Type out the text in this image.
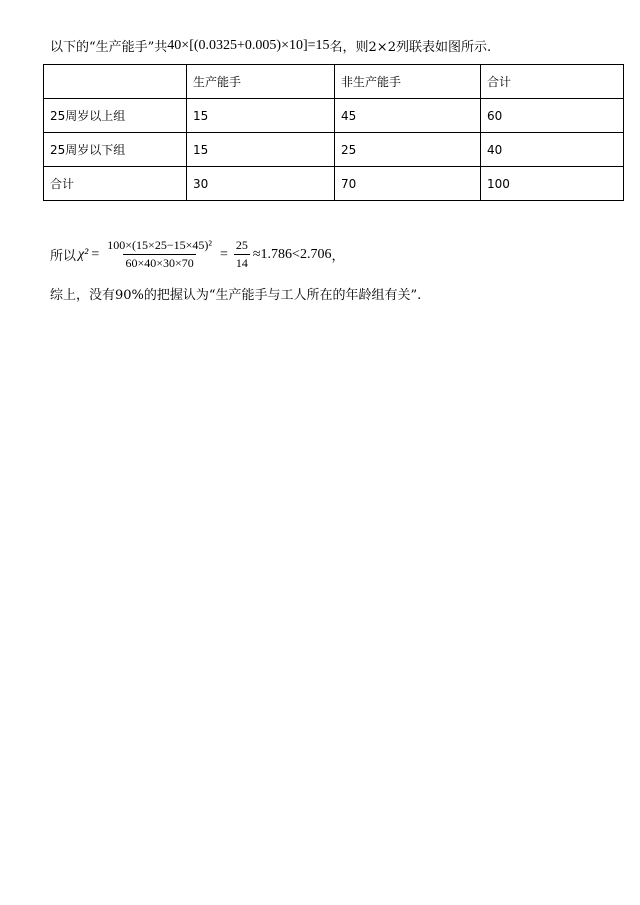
以下的“生产能手”共 40×[(0.0325+0.005)×10]=15 名，则2×2列联表如图所示.
	生产能手	非生产能手	合计
25周岁以上组	15	45	60
25周岁以下组	15	25	40
合计	30	70	100
所以 $\chi^2 = \frac{\text{100×(15×25−15×45)²}}{60\times 40\times 30\times 70} = \frac{25}{14} \approx 1.786<2.706$ ，
综上，没有90%的把握认为“生产能手与工人所在的年龄组有关”.
